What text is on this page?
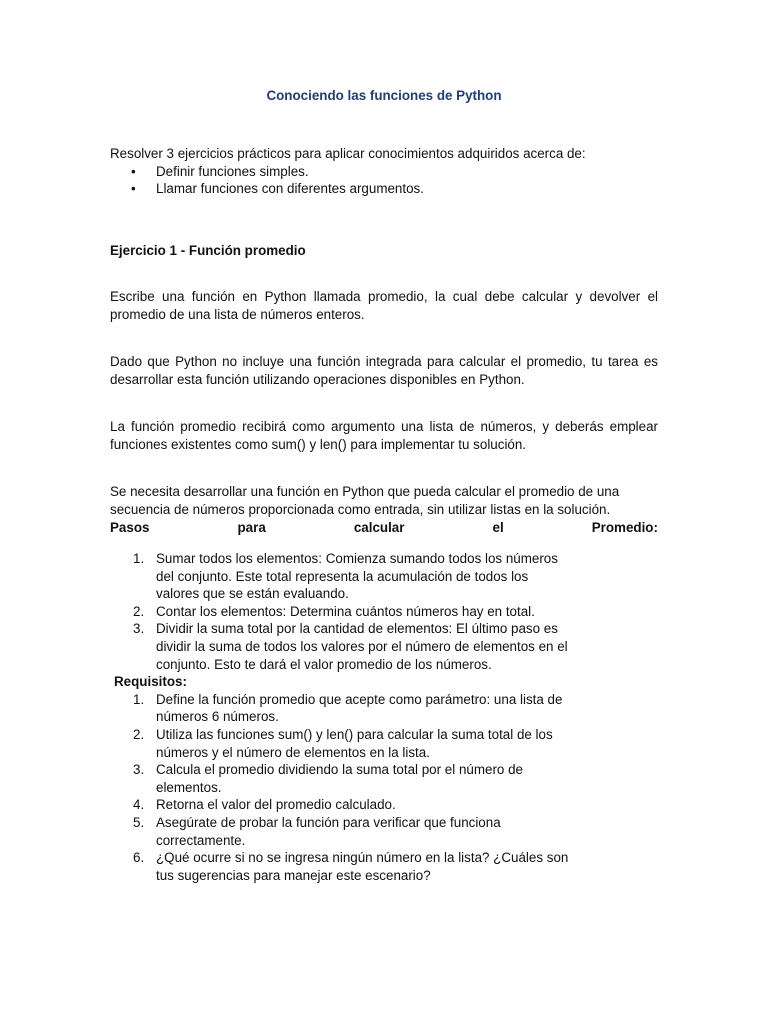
Conociendo las funciones de Python
Resolver 3 ejercicios prácticos para aplicar conocimientos adquiridos acerca de:
• Definir funciones simples.
• Llamar funciones con diferentes argumentos.
Ejercicio 1 - Función promedio
Escribe una función en Python llamada promedio, la cual debe calcular y devolver el promedio de una lista de números enteros.
Dado que Python no incluye una función integrada para calcular el promedio, tu tarea es desarrollar esta función utilizando operaciones disponibles en Python.
La función promedio recibirá como argumento una lista de números, y deberás emplear funciones existentes como sum() y len() para implementar tu solución.
Se necesita desarrollar una función en Python que pueda calcular el promedio de una secuencia de números proporcionada como entrada, sin utilizar listas en la solución.
Pasos	para	calcular	el	Promedio:
1. Sumar todos los elementos: Comienza sumando todos los números del conjunto. Este total representa la acumulación de todos los valores que se están evaluando.
2. Contar los elementos: Determina cuántos números hay en total.
3. Dividir la suma total por la cantidad de elementos: El último paso es dividir la suma de todos los valores por el número de elementos en el conjunto. Esto te dará el valor promedio de los números.
Requisitos:
1. Define la función promedio que acepte como parámetro: una lista de números 6 números.
2. Utiliza las funciones sum() y len() para calcular la suma total de los números y el número de elementos en la lista.
3. Calcula el promedio dividiendo la suma total por el número de elementos.
4. Retorna el valor del promedio calculado.
5. Asegúrate de probar la función para verificar que funciona correctamente.
6. ¿Qué ocurre si no se ingresa ningún número en la lista? ¿Cuáles son tus sugerencias para manejar este escenario?
